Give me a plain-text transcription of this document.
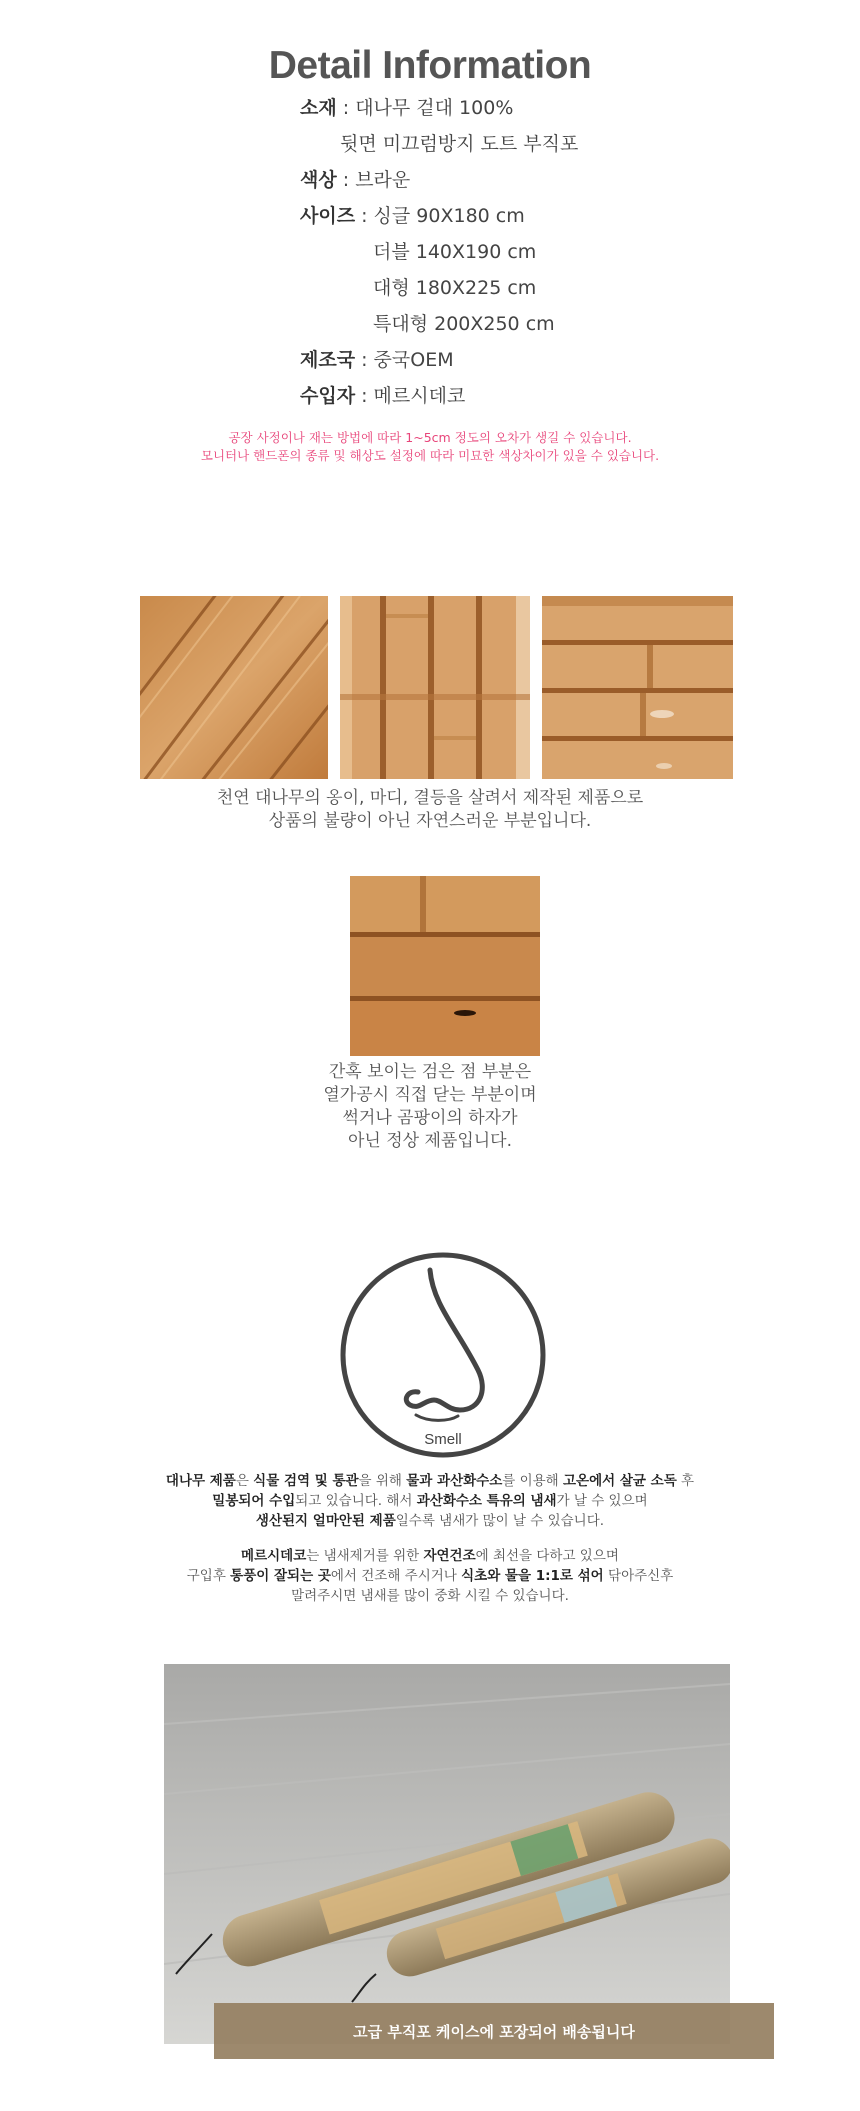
Detail Information
소재 : 대나무 겉대 100%
뒷면 미끄럼방지 도트 부직포
색상 : 브라운
사이즈 : 싱글 90X180 cm
더블 140X190 cm
대형 180X225 cm
특대형 200X250 cm
제조국 : 중국OEM
수입자 : 메르시데코
공장 사정이나 재는 방법에 따라 1~5cm 정도의 오차가 생길 수 있습니다.
모니터나 핸드폰의 종류 및 해상도 설정에 따라 미묘한 색상차이가 있을 수 있습니다.
천연 대나무의 옹이, 마디, 결등을 살려서 제작된 제품으로
상품의 불량이 아닌 자연스러운 부분입니다.
간혹 보이는 검은 점 부분은
열가공시 직접 닫는 부분이며
썩거나 곰팡이의 하자가
아닌 정상 제품입니다.
Smell
대나무 제품은 식물 검역 및 통관을 위해 물과 과산화수소를 이용해 고온에서 살균 소독 후
밀봉되어 수입되고 있습니다. 해서 과산화수소 특유의 냄새가 날 수 있으며
생산된지 얼마안된 제품일수록 냄새가 많이 날 수 있습니다.
메르시데코는 냄새제거를 위한 자연건조에 최선을 다하고 있으며
구입후 통풍이 잘되는 곳에서 건조해 주시거나 식초와 물을 1:1로 섞어 닦아주신후
말려주시면 냄새를 많이 중화 시킬 수 있습니다.
고급 부직포 케이스에 포장되어 배송됩니다
